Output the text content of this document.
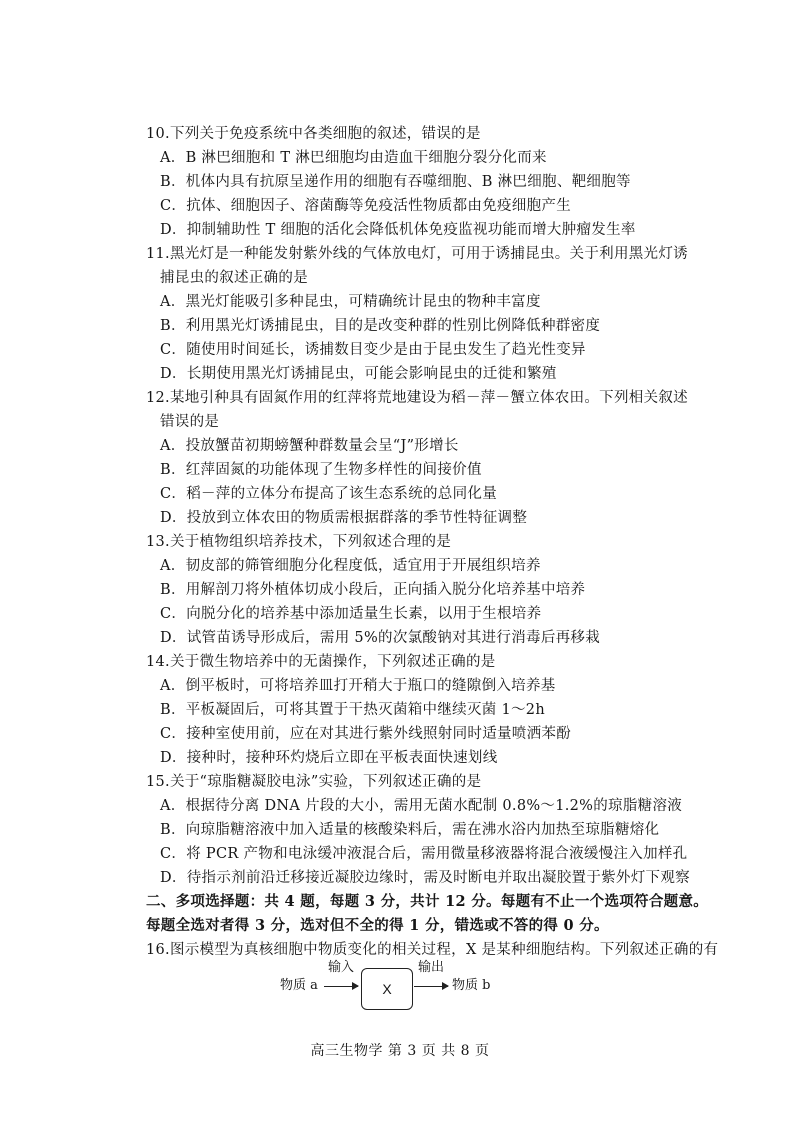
10.下列关于免疫系统中各类细胞的叙述，错误的是
A．B 淋巴细胞和 T 淋巴细胞均由造血干细胞分裂分化而来
B．机体内具有抗原呈递作用的细胞有吞噬细胞、B 淋巴细胞、靶细胞等
C．抗体、细胞因子、溶菌酶等免疫活性物质都由免疫细胞产生
D．抑制辅助性 T 细胞的活化会降低机体免疫监视功能而增大肿瘤发生率
11.黑光灯是一种能发射紫外线的气体放电灯，可用于诱捕昆虫。关于利用黑光灯诱
捕昆虫的叙述正确的是
A．黑光灯能吸引多种昆虫，可精确统计昆虫的物种丰富度
B．利用黑光灯诱捕昆虫，目的是改变种群的性别比例降低种群密度
C．随使用时间延长，诱捕数目变少是由于昆虫发生了趋光性变异
D．长期使用黑光灯诱捕昆虫，可能会影响昆虫的迁徙和繁殖
12.某地引种具有固氮作用的红萍将荒地建设为稻－萍－蟹立体农田。下列相关叙述
错误的是
A．投放蟹苗初期螃蟹种群数量会呈“J”形增长
B．红萍固氮的功能体现了生物多样性的间接价值
C．稻－萍的立体分布提高了该生态系统的总同化量
D．投放到立体农田的物质需根据群落的季节性特征调整
13.关于植物组织培养技术，下列叙述合理的是
A．韧皮部的筛管细胞分化程度低，适宜用于开展组织培养
B．用解剖刀将外植体切成小段后，正向插入脱分化培养基中培养
C．向脱分化的培养基中添加适量生长素，以用于生根培养
D．试管苗诱导形成后，需用 5%的次氯酸钠对其进行消毒后再移栽
14.关于微生物培养中的无菌操作，下列叙述正确的是
A．倒平板时，可将培养皿打开稍大于瓶口的缝隙倒入培养基
B．平板凝固后，可将其置于干热灭菌箱中继续灭菌 1～2h
C．接种室使用前，应在对其进行紫外线照射同时适量喷洒苯酚
D．接种时，接种环灼烧后立即在平板表面快速划线
15.关于“琼脂糖凝胶电泳”实验，下列叙述正确的是
A．根据待分离 DNA 片段的大小，需用无菌水配制 0.8%～1.2%的琼脂糖溶液
B．向琼脂糖溶液中加入适量的核酸染料后，需在沸水浴内加热至琼脂糖熔化
C．将 PCR 产物和电泳缓冲液混合后，需用微量移液器将混合液缓慢注入加样孔
D．待指示剂前沿迁移接近凝胶边缘时，需及时断电并取出凝胶置于紫外灯下观察
二、多项选择题：共 4 题，每题 3 分，共计 12 分。每题有不止一个选项符合题意。
每题全选对者得 3 分，选对但不全的得 1 分，错选或不答的得 0 分。
16.图示模型为真核细胞中物质变化的相关过程，X 是某种细胞结构。下列叙述正确的有
物质 a
输入
X
输出
物质 b
高三生物学 第 3 页 共 8 页
